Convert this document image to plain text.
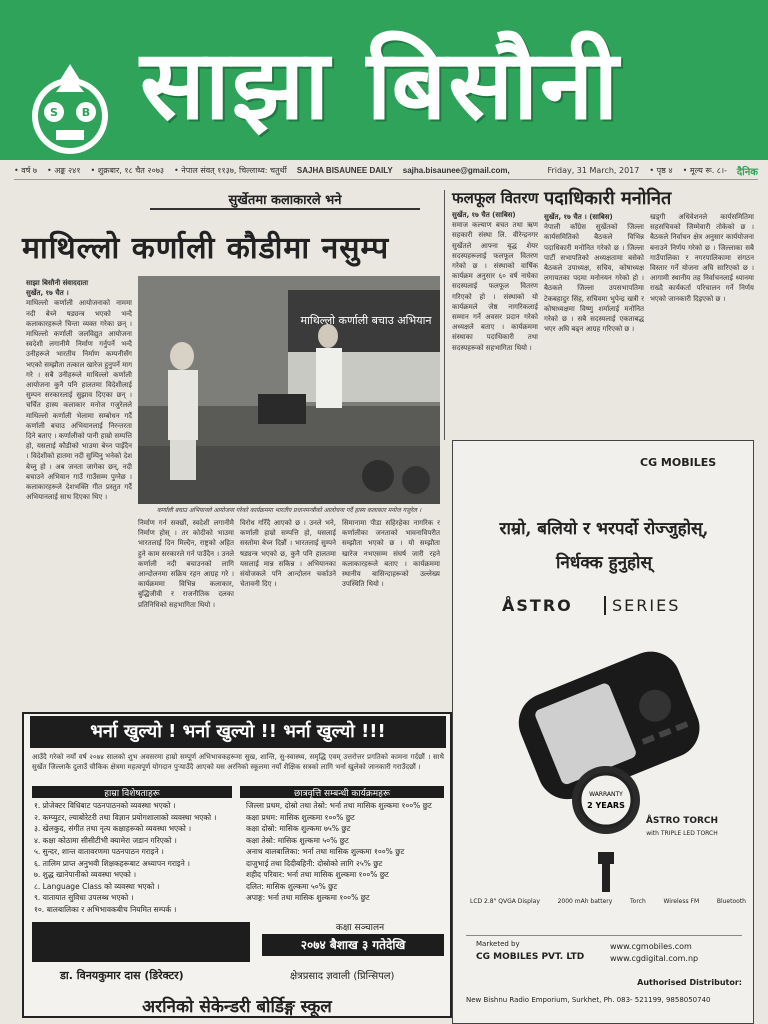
S B साझा बिसौनी
• वर्ष ७ • अङ्क २४१ • शुक्रबार, १८ चैत २०७३ • नेपाल संवत् ११३७, चिल्लाथ्व: चतुर्थी SAJHA BISAUNEE DAILY sajha.bisaunee@gmail.com,	Friday, 31 March, 2017 • पृष्ठ ४ • मूल्य रू. ८।- दैनिक
सुर्खेतमा कलाकारले भने
माथिल्लो कर्णाली कौडीमा नसुम्प
साझा बिसौनी संवाददाता
सुर्खेत, १७ चैत ।
माथिल्लो कर्णाली आयोजनाको नाममा नदी बेच्ने षड्यन्त्र भएको भन्दै कलाकारहरूले चिन्ता व्यक्त गरेका छन् । माथिल्लो कर्णाली जलविद्युत आयोजना स्वदेशी लगानीमै निर्माण गर्नुपर्ने भन्दै उनीहरूले भारतीय निर्माण कम्पनीसँग भएको सम्झौता तत्काल खारेज हुनुपर्ने माग गरे । सबै उनीहरूले माथिल्लो कर्णाली आयोजना कुनै पनि हालतमा विदेशीलाई सुम्पन सरकारलाई सुझाव दिएका छन् । चर्चित हास्य कलाकार मनोज गजुरेलले माथिल्लो कर्णाली भेलामा सम्बोधन गर्दै कर्णाली बचाउ अभियानलाई निरन्तरता दिने बताए । कर्णालीको पानी हाम्रो सम्पत्ति हो, यसलाई कौडीको भाउमा बेच्न पाइँदैन । विदेशीको हातमा नदी सुम्पिनु भनेको देश बेच्नु हो । अब जनता जागेका छन्, नदी बचाउने अभियान गाउँ गाउँसम्म पुग्नेछ । कलाकारहरूले देशभक्ति गीत प्रस्तुत गर्दै अभियानलाई साथ दिएका थिए ।
माथिल्लो कर्णाली बचाउ अभियान
कर्णाली बचाउ अभियानले आयोजना गरेको कार्यक्रममा भारतीय प्रधानमन्त्रीको आलोचना गर्दै हास्य कलाकार मनोज गजुरेल ।
निर्माण गर्न सक्छौं, स्वदेशी लगानीमै निर्माण होस् । तर कोदीको भाउमा भारतलाई दिन मिल्दैन, राष्ट्रको अहित हुने काम सरकारले गर्न पाउँदैन । उनले कर्णाली नदी बचाउनको लागि आन्दोलनमा सक्रिय रहन आग्रह गरे । कार्यक्रममा विभिन्न कलाकार, बुद्धिजीवी र राजनीतिक दलका प्रतिनिधिको सहभागिता थियो ।
विरोध गरिँदै आएको छ । उनले भने, कर्णाली हाम्रो सम्पत्ति हो, यसलाई सस्तोमा बेच्न दिन्नौं । भारतलाई सुम्पने षड्यन्त्र भएको छ, कुनै पनि हालतमा यसलाई मान्न सकिन्न । अभियानका संयोजकले पनि आन्दोलन चर्काउने चेतावनी दिए ।
सिमानामा पीडा सहिरहेका नागरिक र कर्णालीका जनताको भावनाविपरीत सम्झौता भएको छ । यो सम्झौता खारेज नभएसम्म संघर्ष जारी रहने कलाकारहरूले बताए । कार्यक्रममा स्थानीय बासिन्दाहरूको उल्लेख्य उपस्थिति थियो ।
फलफूल वितरण
सुर्खेत, १७ चैत (साबिस)
समाज कल्याण बचत तथा ऋण सहकारी संस्था लि. वीरेन्द्रनगर सुर्खेतले आफ्ना बृद्ध शेयर सदस्यहरूलाई फलफूल वितरण गरेको छ । संस्थाको वार्षिक कार्यक्रम अनुसार ६० वर्ष नाघेका सदस्यलाई फलफूल वितरण गरिएको हो । संस्थाको यो कार्यक्रमले जेष्ठ नागरिकलाई सम्मान गर्ने अवसर प्रदान गरेको अध्यक्षले बताए । कार्यक्रममा संस्थाका पदाधिकारी तथा सदस्यहरूको सहभागिता थियो ।
पदाधिकारी मनोनित
सुर्खेत, १७ चैत । (साबिस)
नेपाली काँग्रेस सुर्खेतको जिल्ला कार्यसमितिको बैठकले विभिन्न पदाधिकारी मनोनित गरेको छ । जिल्ला पार्टी सभापतिको अध्यक्षतामा बसेको बैठकले उपाध्यक्ष, सचिव, कोषाध्यक्ष लगायतका पदमा मनोनयन गरेको हो । बैठकले जिल्ला उपसभापतिमा टेकबहादुर सिंह, सचिवमा भुपेन्द्र खत्री र कोषाध्यक्षमा विष्णु शर्मालाई मनोनित गरेको छ । सबै सदस्यलाई एकताबद्ध भएर अघि बढ्न आग्रह गरिएको छ ।
खड्गी अधिवेशनले कार्यसमितिमा सहसचिवको जिम्मेवारी तोकेको छ । बैठकले निर्वाचन क्षेत्र अनुसार कार्ययोजना बनाउने निर्णय गरेको छ । जिल्लाका सबै गाउँपालिका र नगरपालिकामा संगठन विस्तार गर्ने योजना अघि सारिएको छ । आगामी स्थानीय तह निर्वाचनलाई ध्यानमा राख्दै कार्यकर्ता परिचालन गर्ने निर्णय भएको जानकारी दिइएको छ ।
भर्ना खुल्यो ! भर्ना खुल्यो !! भर्ना खुल्यो !!!
आउँदै गरेको नयाँ वर्ष २०७४ सालको शुभ अवसरमा हाम्रो सम्पूर्ण अभिभावकहरूमा सुख, शान्ति, सु-स्वास्थ्य, समृद्धि एवम् उत्तरोत्तर प्रगतिको कामना गर्दछौं । साथै सुर्खेत जिल्लाकै दुलाउँ चौकिक क्षेत्रमा महत्वपूर्ण योगदान पुऱ्याउँदै आएको यस अरनिको स्कूलमा नयाँ शैक्षिक सत्रको लागि भर्ना खुलेको जानकारी गराउँदछौं ।
हाम्रा विशेषताहरू	छात्रवृत्ति सम्बन्धी कार्यक्रमहरू
१. प्रोजेक्टर विधिबाट पठनपाठनको व्यवस्था भएको ।
२. कम्प्युटर, ल्याबोरेटरी तथा विज्ञान प्रयोगशालाको व्यवस्था भएको ।
३. खेलकुद, संगीत तथा नृत्य कक्षाहरूको व्यवस्था भएको ।
४. कक्षा कोठामा सीसीटीभी क्यामेरा जडान गरिएको ।
५. सुन्दर, शान्त वातावरणमा पठनपाठन गराइने ।
६. तालिम प्राप्त अनुभवी शिक्षकहरूबाट अध्यापन गराइने ।
७. शुद्ध खानेपानीको व्यवस्था भएको ।
८. Language Class को व्यवस्था भएको ।
९. यातायात सुविधा उपलब्ध भएको ।
१०. बालबालिका र अभिभावकबीच नियमित सम्पर्क ।
जिल्ला प्रथम, दोस्रो तथा तेस्रो: भर्ना तथा मासिक शुल्कमा १००% छुट
कक्षा प्रथम: मासिक शुल्कमा १००% छुट
कक्षा दोस्रो: मासिक शुल्कमा ७५% छुट
कक्षा तेस्रो: मासिक शुल्कमा ५०% छुट
अनाथ बालबालिका: भर्ना तथा मासिक शुल्कमा १००% छुट
दाजुभाई तथा दिदीबहिनी: दोस्रोको लागि २५% छुट
शहीद परिवार: भर्ना तथा मासिक शुल्कमा १००% छुट
दलित: मासिक शुल्कमा ५०% छुट
अपाङ्ग: भर्ना तथा मासिक शुल्कमा १००% छुट
कक्षा सञ्चालन
२०७४ बैशाख ३ गतेदेखि
डा. विनयकुमार दास (डिरेक्टर)	क्षेत्रप्रसाद ज्ञवाली (प्रिन्सिपल)
अरनिको सेकेन्डरी बोर्डिङ्ग स्कूल
CG MOBILES
राम्रो, बलियो र भरपर्दो रोज्जुहोस्,
निर्धक्क हुनुहोस्
ÅSTRO	SERIES
WARRANTY
2 YEARS
ÅSTRO TORCH
with TRIPLE LED TORCH
LCD 2.8" QVGA Display	2000 mAh battery	Torch	Wireless FM	Bluetooth
Marketed by
CG MOBILES PVT. LTD
www.cgmobiles.com
www.cgdigital.com.np
Authorised Distributor:
New Bishnu Radio Emporium, Surkhet, Ph. 083- 521199, 9858050740
